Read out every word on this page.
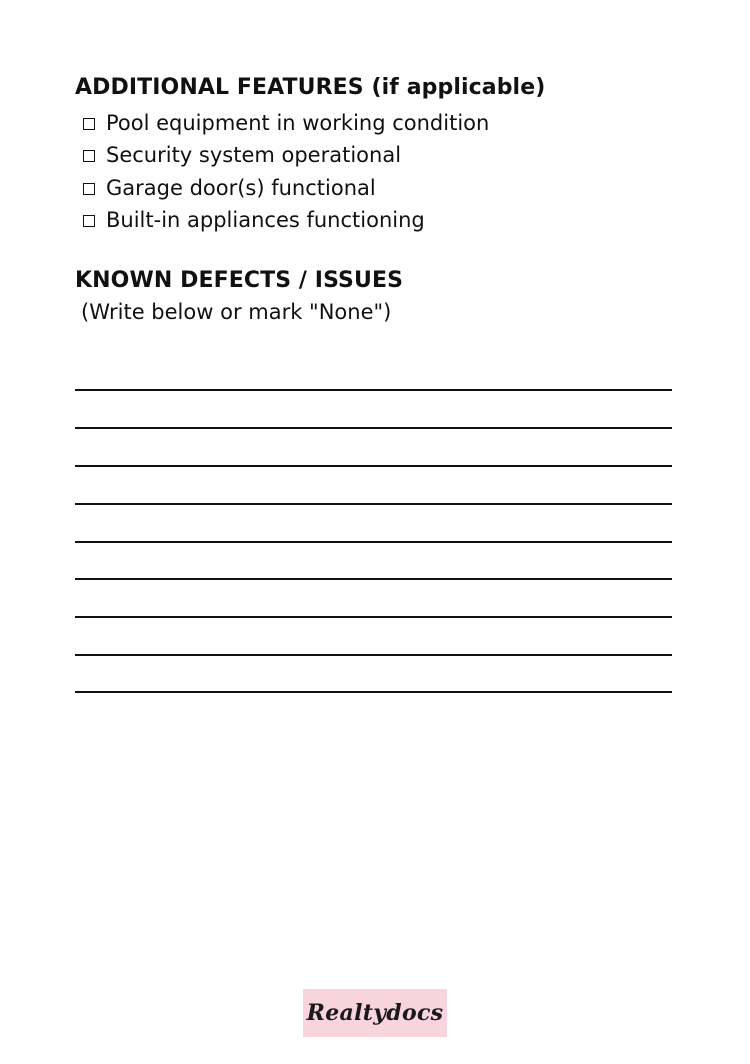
ADDITIONAL FEATURES (if applicable)
Pool equipment in working condition
Security system operational
Garage door(s) functional
Built-in appliances functioning
KNOWN DEFECTS / ISSUES
(Write below or mark "None")
Realtydocs
